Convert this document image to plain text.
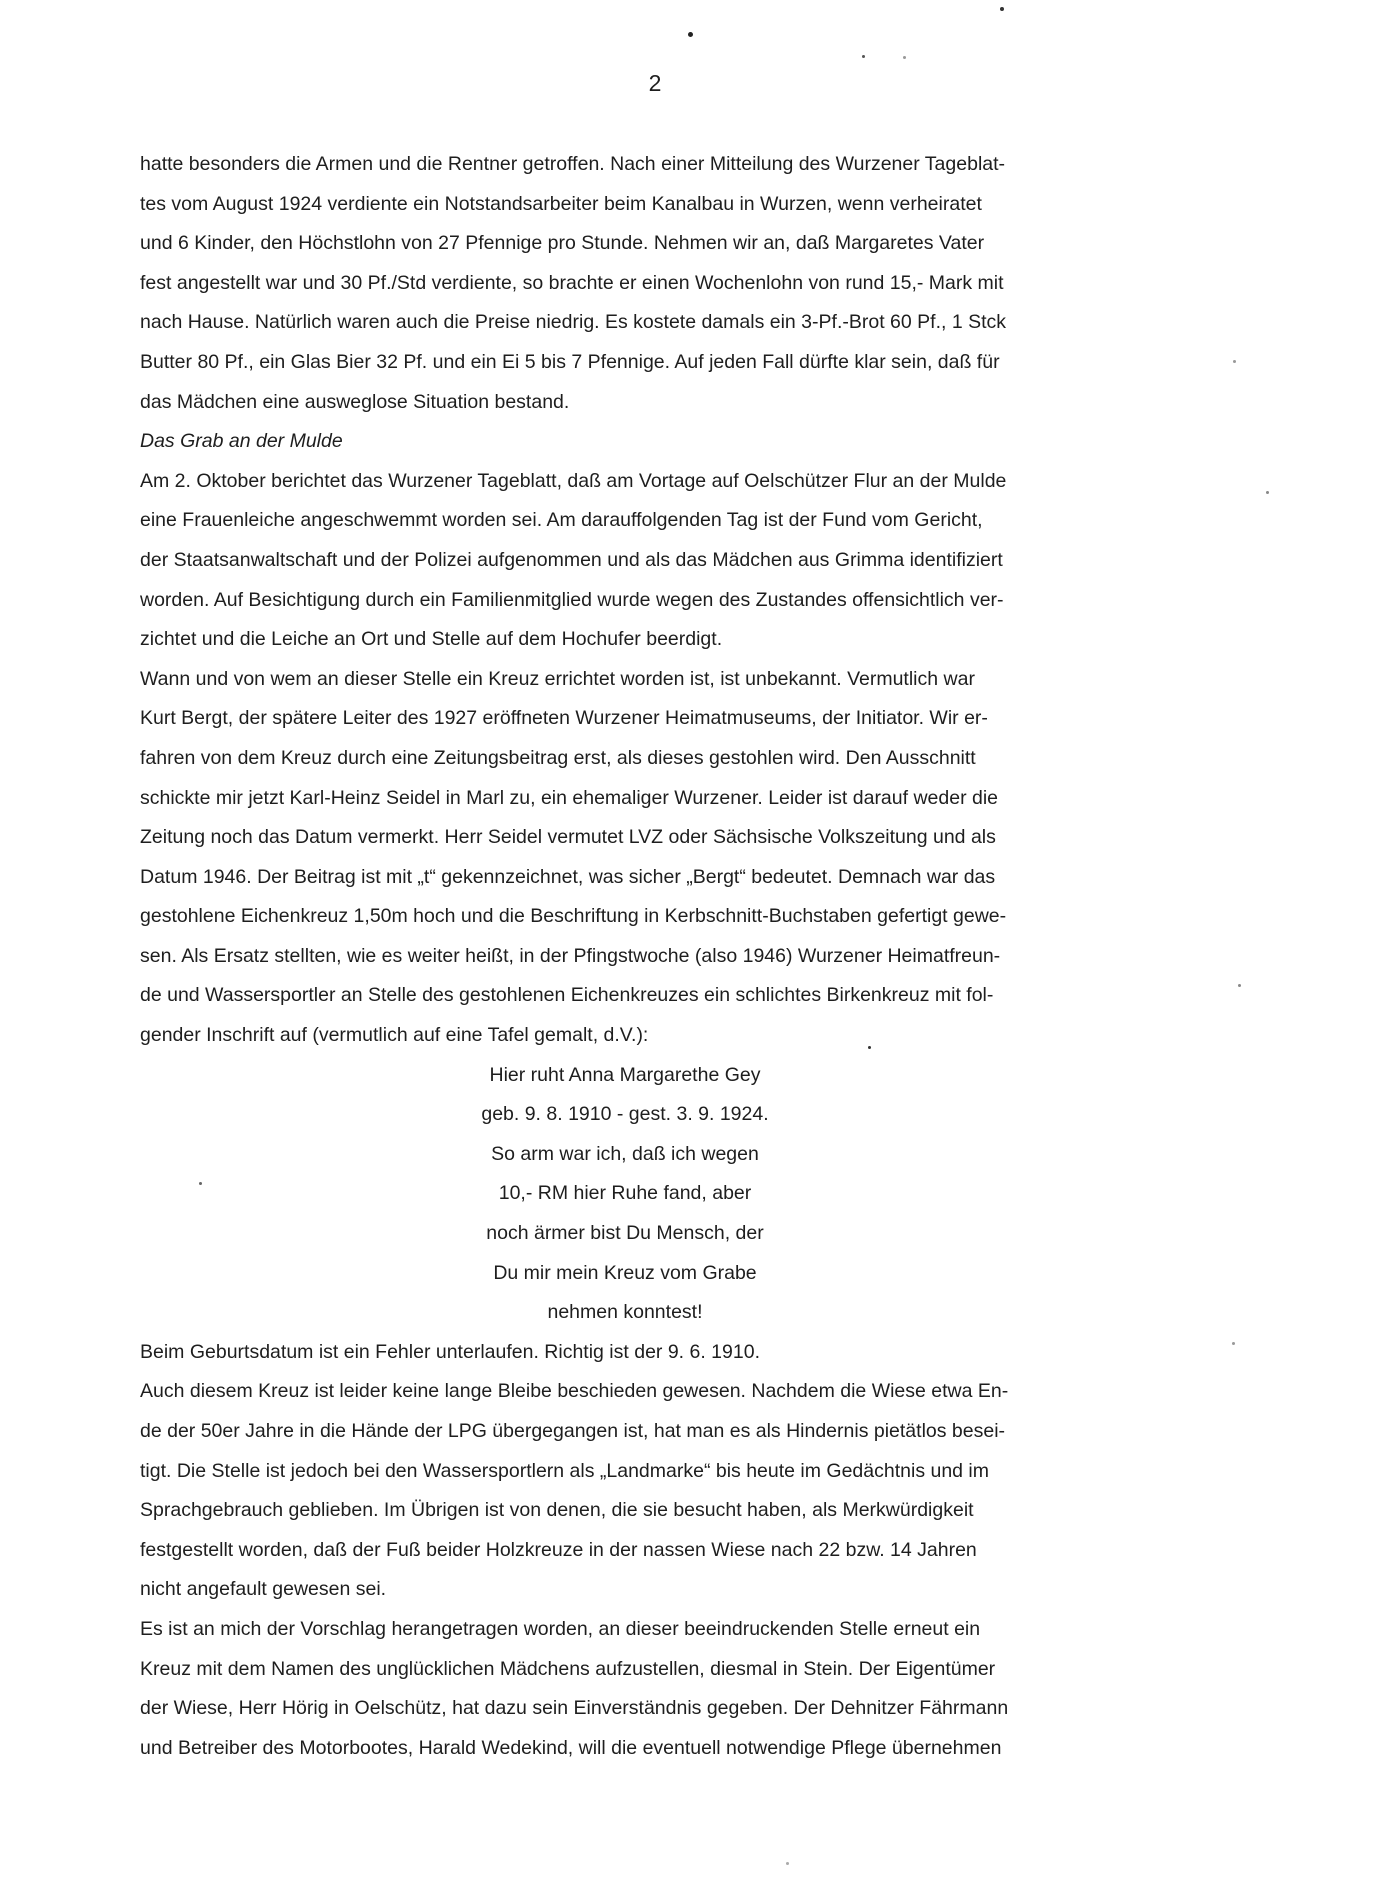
2
hatte besonders die Armen und die Rentner getroffen. Nach einer Mitteilung des Wurzener Tageblat-
tes vom August 1924 verdiente ein Notstandsarbeiter beim Kanalbau in Wurzen, wenn verheiratet
und 6 Kinder, den Höchstlohn von 27 Pfennige pro Stunde. Nehmen wir an, daß Margaretes Vater
fest angestellt war und 30 Pf./Std verdiente, so brachte er einen Wochenlohn von rund 15,- Mark mit
nach Hause. Natürlich waren auch die Preise niedrig. Es kostete damals ein 3-Pf.-Brot 60 Pf., 1 Stck
Butter 80 Pf., ein Glas Bier 32 Pf. und ein Ei 5 bis 7 Pfennige. Auf jeden Fall dürfte klar sein, daß für
das Mädchen eine ausweglose Situation bestand.
Das Grab an der Mulde
Am 2. Oktober berichtet das Wurzener Tageblatt, daß am Vortage auf Oelschützer Flur an der Mulde
eine Frauenleiche angeschwemmt worden sei. Am darauffolgenden Tag ist der Fund vom Gericht,
der Staatsanwaltschaft und der Polizei aufgenommen und als das Mädchen aus Grimma identifiziert
worden. Auf Besichtigung durch ein Familienmitglied wurde wegen des Zustandes offensichtlich ver-
zichtet und die Leiche an Ort und Stelle auf dem Hochufer beerdigt.
Wann und von wem an dieser Stelle ein Kreuz errichtet worden ist, ist unbekannt. Vermutlich war
Kurt Bergt, der spätere Leiter des 1927 eröffneten Wurzener Heimatmuseums, der Initiator. Wir er-
fahren von dem Kreuz durch eine Zeitungsbeitrag erst, als dieses gestohlen wird. Den Ausschnitt
schickte mir jetzt Karl-Heinz Seidel in Marl zu, ein ehemaliger Wurzener. Leider ist darauf weder die
Zeitung noch das Datum vermerkt. Herr Seidel vermutet LVZ oder Sächsische Volkszeitung und als
Datum 1946. Der Beitrag ist mit „t“ gekennzeichnet, was sicher „Bergt“ bedeutet. Demnach war das
gestohlene Eichenkreuz 1,50m hoch und die Beschriftung in Kerbschnitt-Buchstaben gefertigt gewe-
sen. Als Ersatz stellten, wie es weiter heißt, in der Pfingstwoche (also 1946) Wurzener Heimatfreun-
de und Wassersportler an Stelle des gestohlenen Eichenkreuzes ein schlichtes Birkenkreuz mit fol-
gender Inschrift auf (vermutlich auf eine Tafel gemalt, d.V.):
Hier ruht Anna Margarethe Gey
geb. 9. 8. 1910 - gest. 3. 9. 1924.
So arm war ich, daß ich wegen
10,- RM hier Ruhe fand, aber
noch ärmer bist Du Mensch, der
Du mir mein Kreuz vom Grabe
nehmen konntest!
Beim Geburtsdatum ist ein Fehler unterlaufen. Richtig ist der 9. 6. 1910.
Auch diesem Kreuz ist leider keine lange Bleibe beschieden gewesen. Nachdem die Wiese etwa En-
de der 50er Jahre in die Hände der LPG übergegangen ist, hat man es als Hindernis pietätlos besei-
tigt. Die Stelle ist jedoch bei den Wassersportlern als „Landmarke“ bis heute im Gedächtnis und im
Sprachgebrauch geblieben. Im Übrigen ist von denen, die sie besucht haben, als Merkwürdigkeit
festgestellt worden, daß der Fuß beider Holzkreuze in der nassen Wiese nach 22 bzw. 14 Jahren
nicht angefault gewesen sei.
Es ist an mich der Vorschlag herangetragen worden, an dieser beeindruckenden Stelle erneut ein
Kreuz mit dem Namen des unglücklichen Mädchens aufzustellen, diesmal in Stein. Der Eigentümer
der Wiese, Herr Hörig in Oelschütz, hat dazu sein Einverständnis gegeben. Der Dehnitzer Fährmann
und Betreiber des Motorbootes, Harald Wedekind, will die eventuell notwendige Pflege übernehmen
